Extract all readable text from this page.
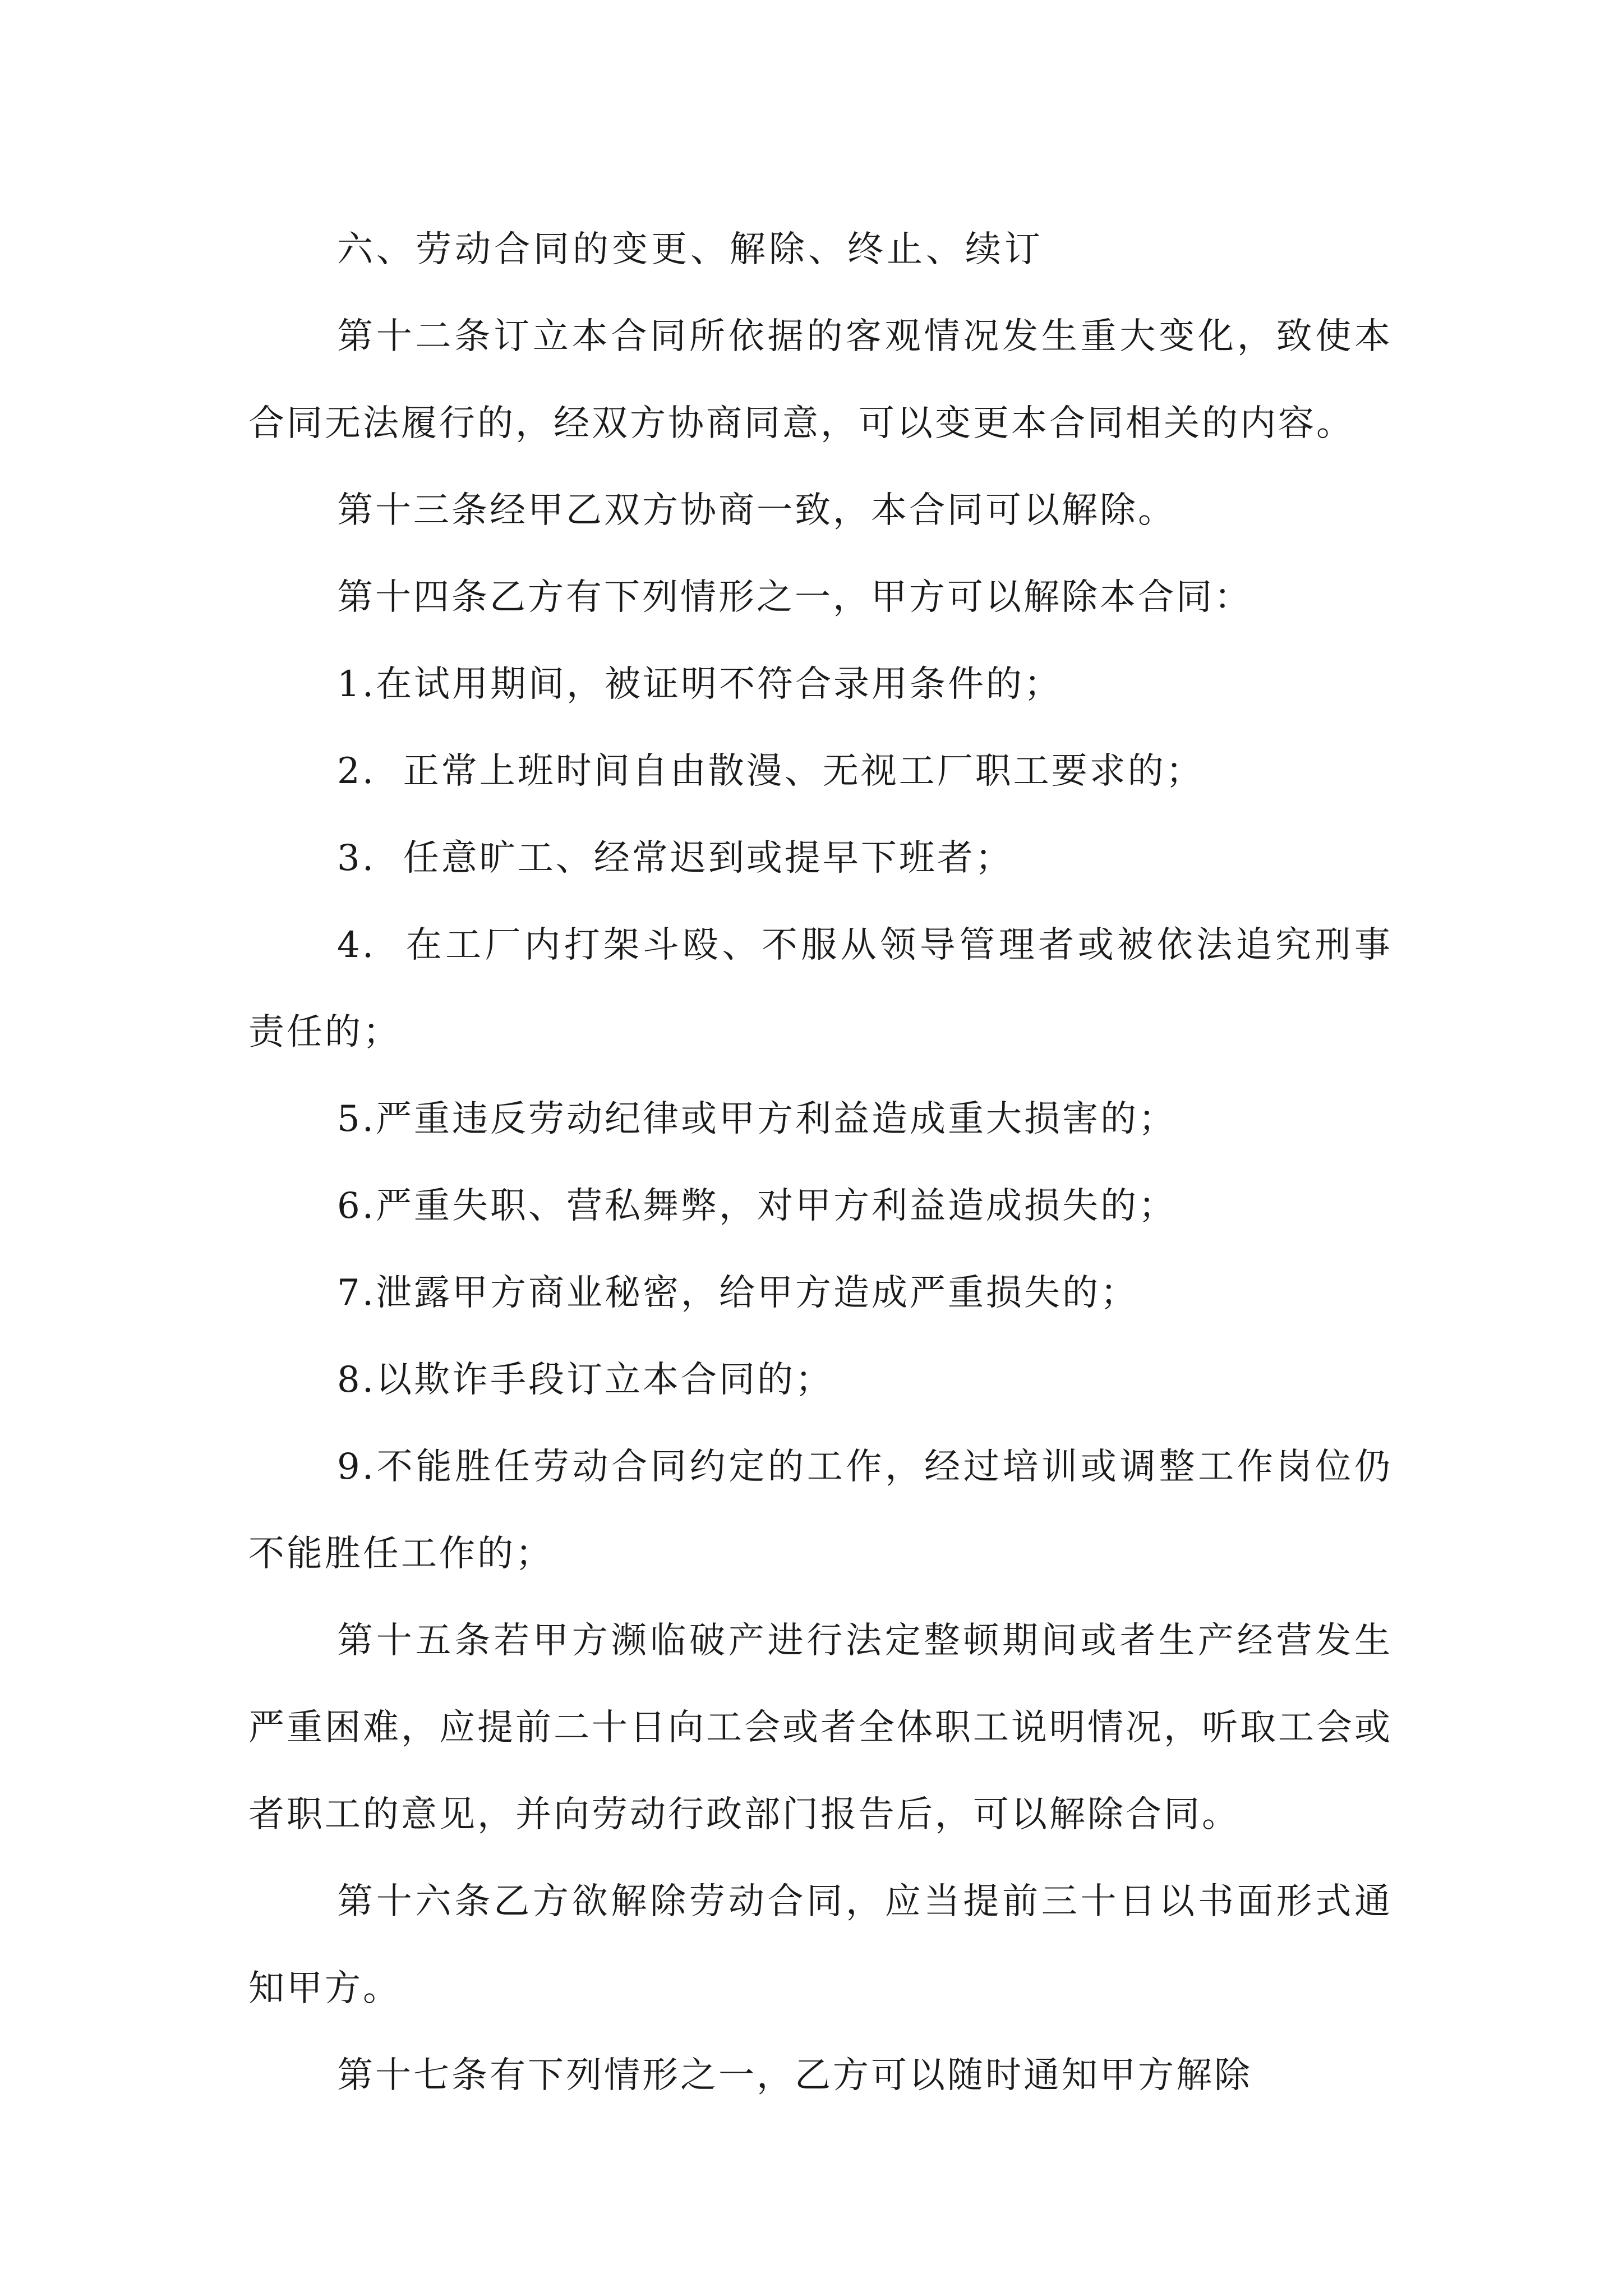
六、劳动合同的变更、解除、终止、续订

第十二条订立本合同所依据的客观情况发生重大变化，致使本合同无法履行的，经双方协商同意，可以变更本合同相关的内容。

第十三条经甲乙双方协商一致，本合同可以解除。

第十四条乙方有下列情形之一，甲方可以解除本合同：

1.在试用期间，被证明不符合录用条件的；

2.  正常上班时间自由散漫、无视工厂职工要求的；

3.  任意旷工、经常迟到或提早下班者；

4.  在工厂内打架斗殴、不服从领导管理者或被依法追究刑事责任的；

5.严重违反劳动纪律或甲方利益造成重大损害的；

6.严重失职、营私舞弊，对甲方利益造成损失的；

7.泄露甲方商业秘密，给甲方造成严重损失的；

8.以欺诈手段订立本合同的；

9.不能胜任劳动合同约定的工作，经过培训或调整工作岗位仍不能胜任工作的；

第十五条若甲方濒临破产进行法定整顿期间或者生产经营发生严重困难，应提前二十日向工会或者全体职工说明情况，听取工会或者职工的意见，并向劳动行政部门报告后，可以解除合同。

第十六条乙方欲解除劳动合同，应当提前三十日以书面形式通知甲方。

第十七条有下列情形之一，乙方可以随时通知甲方解除
